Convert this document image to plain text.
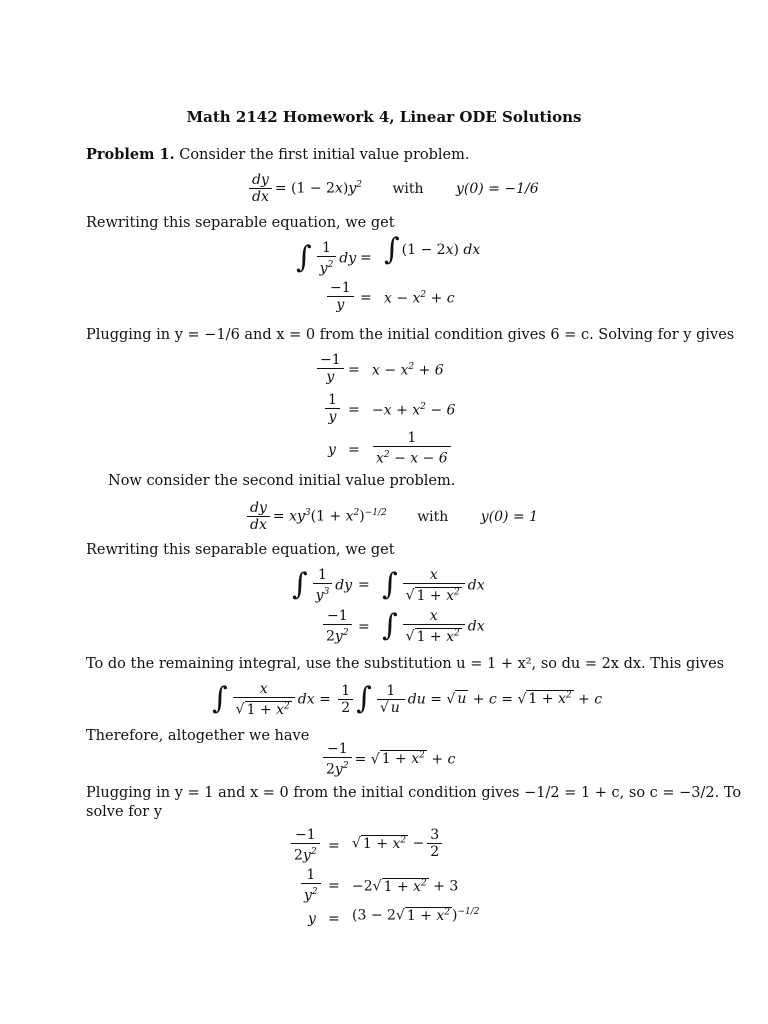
Math 2142 Homework 4, Linear ODE Solutions
Problem 1. Consider the first initial value problem.
$\frac{dy}{dx} = (1 - 2x)y^2$ with y(0) = −1/6
Rewriting this separable equation, we get
∫ $\frac{1}{y^2}$ dy = ∫ (1 − 2x) dx
$\frac{-1}{y} = x - x^2 + c$
Plugging in y = −1/6 and x = 0 from the initial condition gives 6 = c. Solving for y gives
$\frac{-1}{y} = x - x^2 + 6$
$\frac{1}{y} = -x + x^2 - 6$
$y = \frac{1}{x^2 - x - 6}$
Now consider the second initial value problem.
$\frac{dy}{dx} = xy^3(1 + x^2)^{-1/2}$ with y(0) = 1
Rewriting this separable equation, we get
∫ $\frac{1}{y^3}$ dy = ∫ $\frac{x}{√ 1 + x^2}$ dx
$\frac{-1}{2y^2}$ = ∫ $\frac{x}{√ 1 + x^2}$ dx
To do the remaining integral, use the substitution u = 1 + x², so du = 2x dx. This gives
∫ $\frac{x}{√ 1 + x^2}$ dx = $\frac{1}{2}$ ∫ $\frac{1}{√ u}$ du = √ u + c = √ $1 + x^2 + c$
Therefore, altogether we have
$\frac{-1}{2y^2}$ = √ $1 + x^2 + c$
Plugging in y = 1 and x = 0 from the initial condition gives −1/2 = 1 + c, so c = −3/2. To
solve for y
$\frac{-1}{2y^2}$ = √ $1 + x^2 - \frac{3}{2}$
$\frac{1}{y^2} = -2√$ $1 + x^2 + 3$
y = (3 − 2√ $1 + x^2$ )$^{-1/2}$
